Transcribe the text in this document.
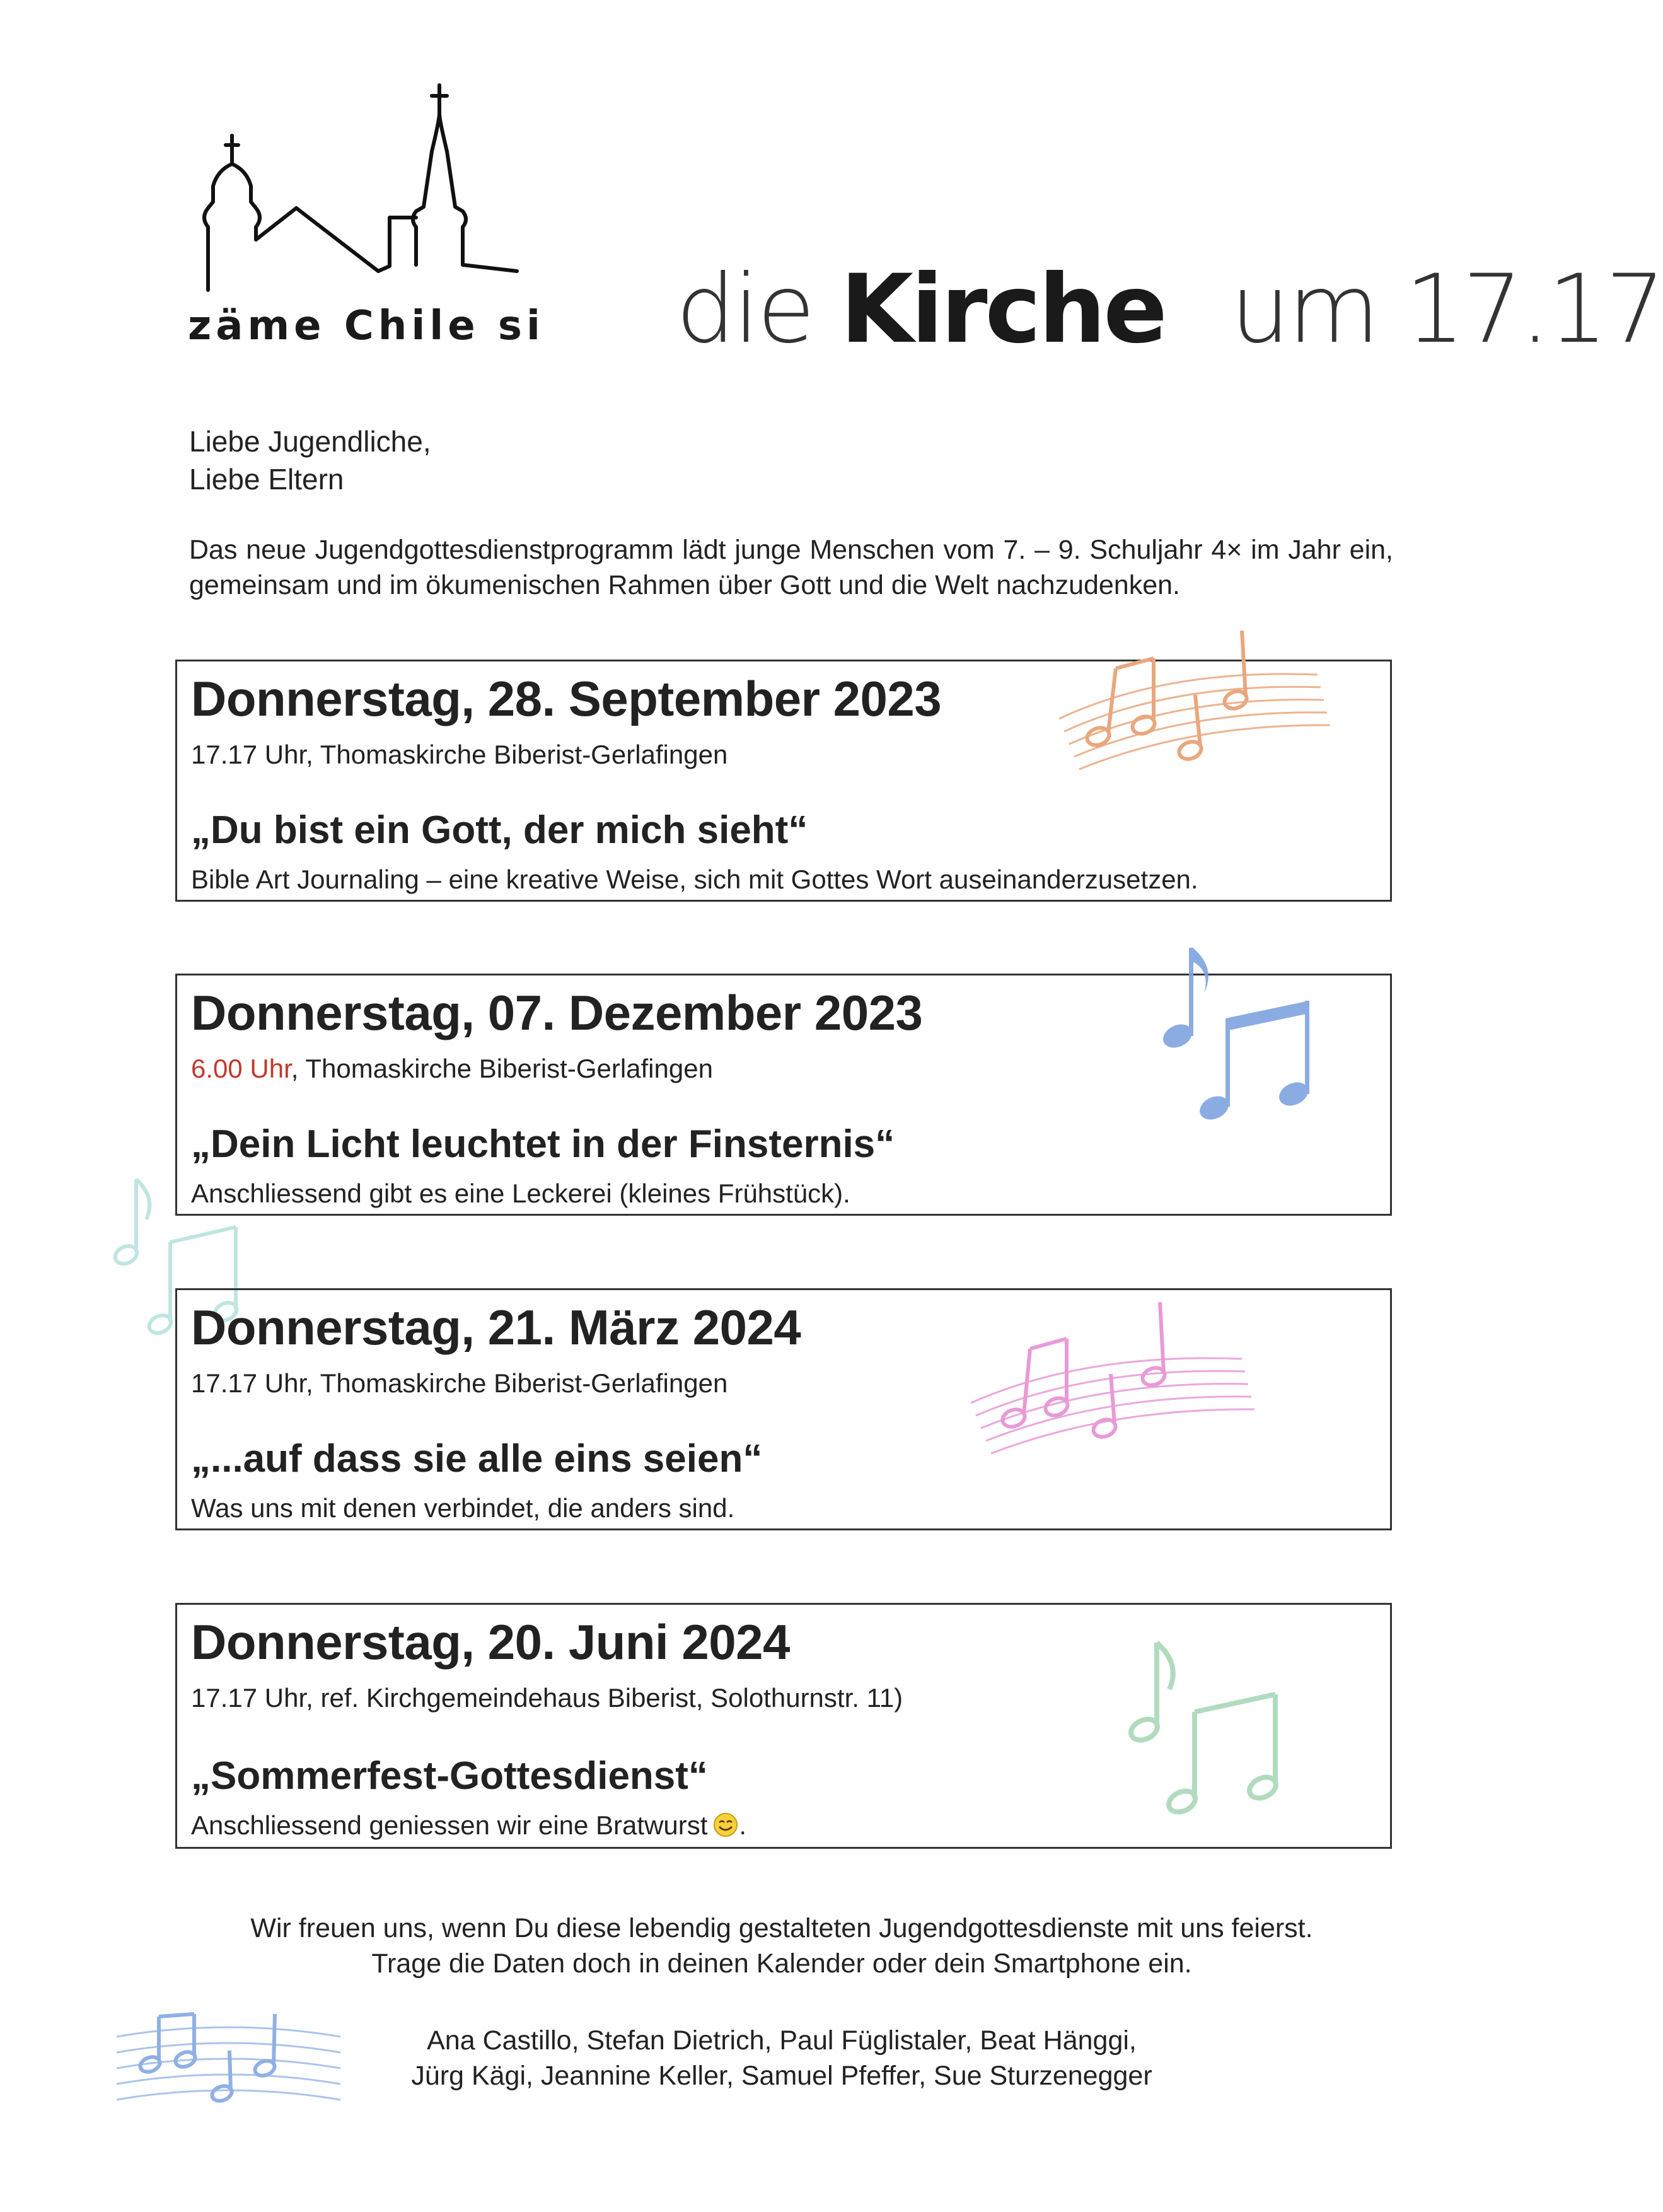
zäme Chile si die Kirche um 17.17
Liebe Jugendliche,
Liebe Eltern
Das neue Jugendgottesdienstprogramm lädt junge Menschen vom 7. – 9. Schuljahr 4× im Jahr ein, gemeinsam und im ökumenischen Rahmen über Gott und die Welt nachzudenken.
Donnerstag, 28. September 2023
17.17 Uhr, Thomaskirche Biberist-Gerlafingen
„Du bist ein Gott, der mich sieht“
Bible Art Journaling – eine kreative Weise, sich mit Gottes Wort auseinanderzusetzen.
Donnerstag, 07. Dezember 2023
6.00 Uhr, Thomaskirche Biberist-Gerlafingen
„Dein Licht leuchtet in der Finsternis“
Anschliessend gibt es eine Leckerei (kleines Frühstück).
Donnerstag, 21. März 2024
17.17 Uhr, Thomaskirche Biberist-Gerlafingen
„...auf dass sie alle eins seien“
Was uns mit denen verbindet, die anders sind.
Donnerstag, 20. Juni 2024
17.17 Uhr, ref. Kirchgemeindehaus Biberist, Solothurnstr. 11)
„Sommerfest-Gottesdienst“
Anschliessend geniessen wir eine Bratwurst .
Wir freuen uns, wenn Du diese lebendig gestalteten Jugendgottesdienste mit uns feierst.
Trage die Daten doch in deinen Kalender oder dein Smartphone ein.
Ana Castillo, Stefan Dietrich, Paul Füglistaler, Beat Hänggi,
Jürg Kägi, Jeannine Keller, Samuel Pfeffer, Sue Sturzenegger
